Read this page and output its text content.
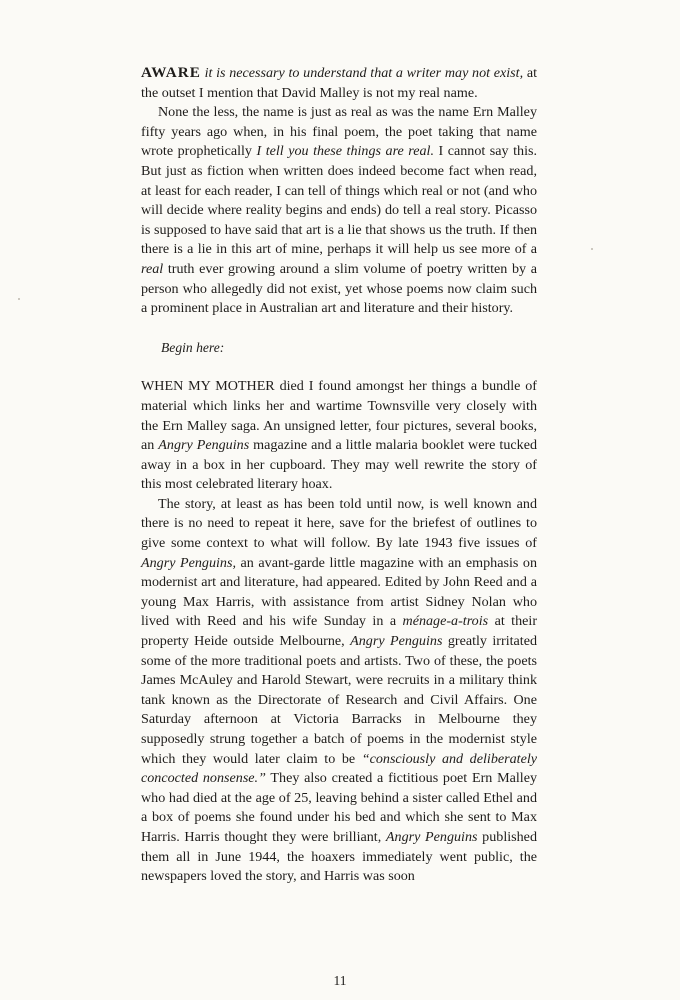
AWARE it is necessary to understand that a writer may not exist, at the outset I mention that David Malley is not my real name.

None the less, the name is just as real as was the name Ern Malley fifty years ago when, in his final poem, the poet taking that name wrote prophetically I tell you these things are real. I cannot say this. But just as fiction when written does indeed become fact when read, at least for each reader, I can tell of things which real or not (and who will decide where reality begins and ends) do tell a real story. Picasso is supposed to have said that art is a lie that shows us the truth. If then there is a lie in this art of mine, perhaps it will help us see more of a real truth ever growing around a slim volume of poetry written by a person who allegedly did not exist, yet whose poems now claim such a prominent place in Australian art and literature and their history.

Begin here:

WHEN MY MOTHER died I found amongst her things a bundle of material which links her and wartime Townsville very closely with the Ern Malley saga. An unsigned letter, four pictures, several books, an Angry Penguins magazine and a little malaria booklet were tucked away in a box in her cupboard. They may well rewrite the story of this most celebrated literary hoax.

The story, at least as has been told until now, is well known and there is no need to repeat it here, save for the briefest of outlines to give some context to what will follow. By late 1943 five issues of Angry Penguins, an avant-garde little magazine with an emphasis on modernist art and literature, had appeared. Edited by John Reed and a young Max Harris, with assistance from artist Sidney Nolan who lived with Reed and his wife Sunday in a ménage-a-trois at their property Heide outside Melbourne, Angry Penguins greatly irritated some of the more traditional poets and artists. Two of these, the poets James McAuley and Harold Stewart, were recruits in a military think tank known as the Directorate of Research and Civil Affairs. One Saturday afternoon at Victoria Barracks in Melbourne they supposedly strung together a batch of poems in the modernist style which they would later claim to be “consciously and deliberately concocted nonsense.” They also created a fictitious poet Ern Malley who had died at the age of 25, leaving behind a sister called Ethel and a box of poems she found under his bed and which she sent to Max Harris. Harris thought they were brilliant, Angry Penguins published them all in June 1944, the hoaxers immediately went public, the newspapers loved the story, and Harris was soon

11
